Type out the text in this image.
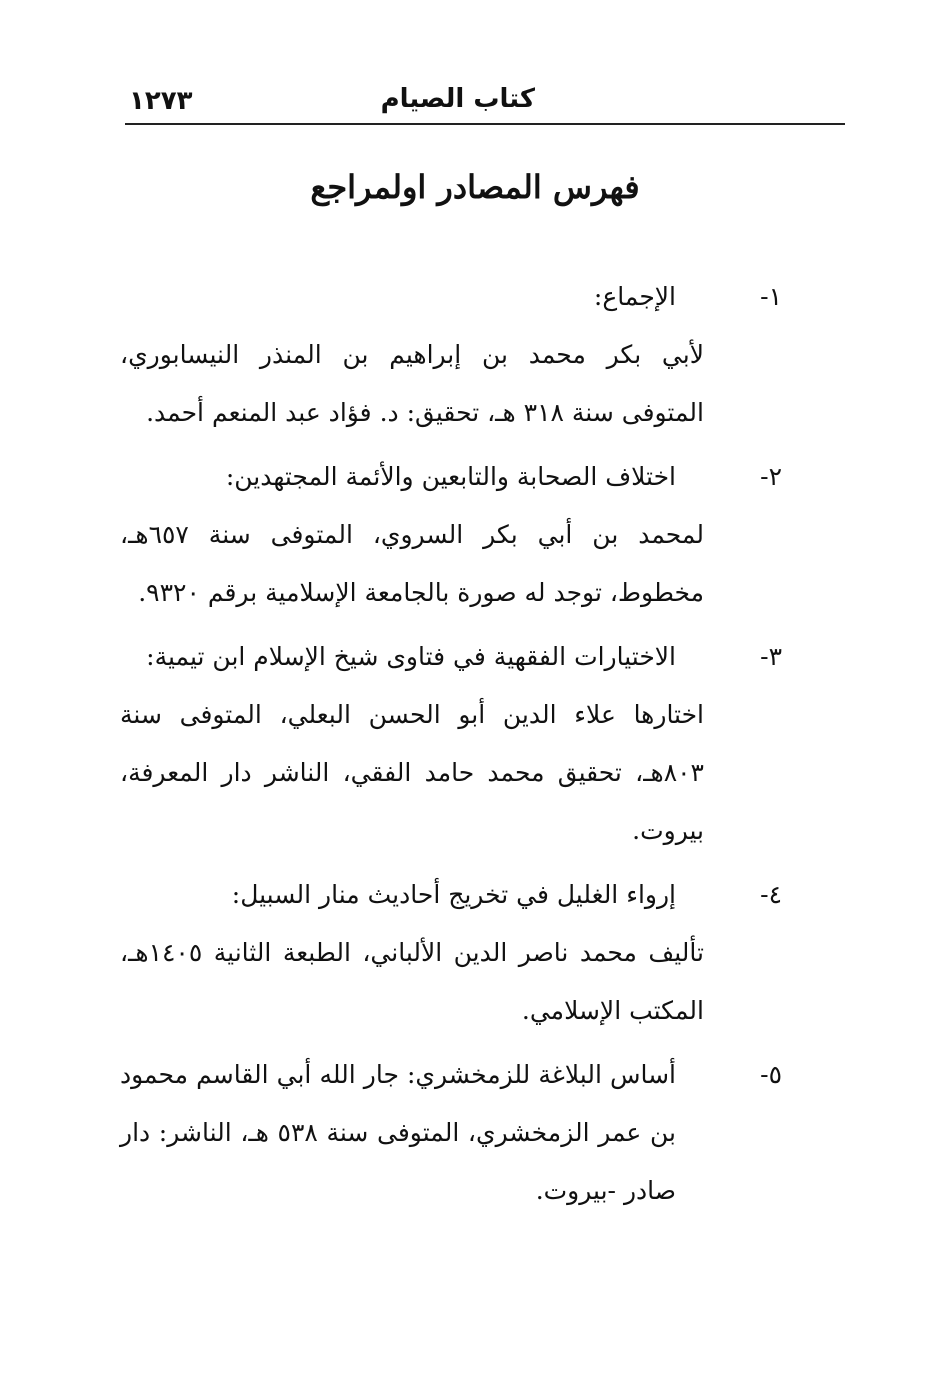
١٢٧٣	كتاب الصيام
فهرس المصادر اولمراجع
١-
الإجماع:
لأبي بكر محمد بن إبراهيم بن المنذر النيسابوري، المتوفى سنة ٣١٨ هـ، تحقيق: د. فؤاد عبد المنعم أحمد.
٢-
اختلاف الصحابة والتابعين والأئمة المجتهدين:
لمحمد بن أبي بكر السروي، المتوفى سنة ٦٥٧هـ، مخطوط، توجد له صورة بالجامعة الإسلامية برقم ٩٣٢٠.
٣-
الاختيارات الفقهية في فتاوى شيخ الإسلام ابن تيمية:
اختارها علاء الدين أبو الحسن البعلي، المتوفى سنة ٨٠٣هـ، تحقيق محمد حامد الفقي، الناشر دار المعرفة، بيروت.
٤-
إرواء الغليل في تخريج أحاديث منار السبيل:
تأليف محمد ناصر الدين الألباني، الطبعة الثانية ١٤٠٥هـ، المكتب الإسلامي.
٥-
أساس البلاغة للزمخشري: جار الله أبي القاسم محمود بن عمر الزمخشري، المتوفى سنة ٥٣٨ هـ، الناشر: دار صادر -بيروت.
